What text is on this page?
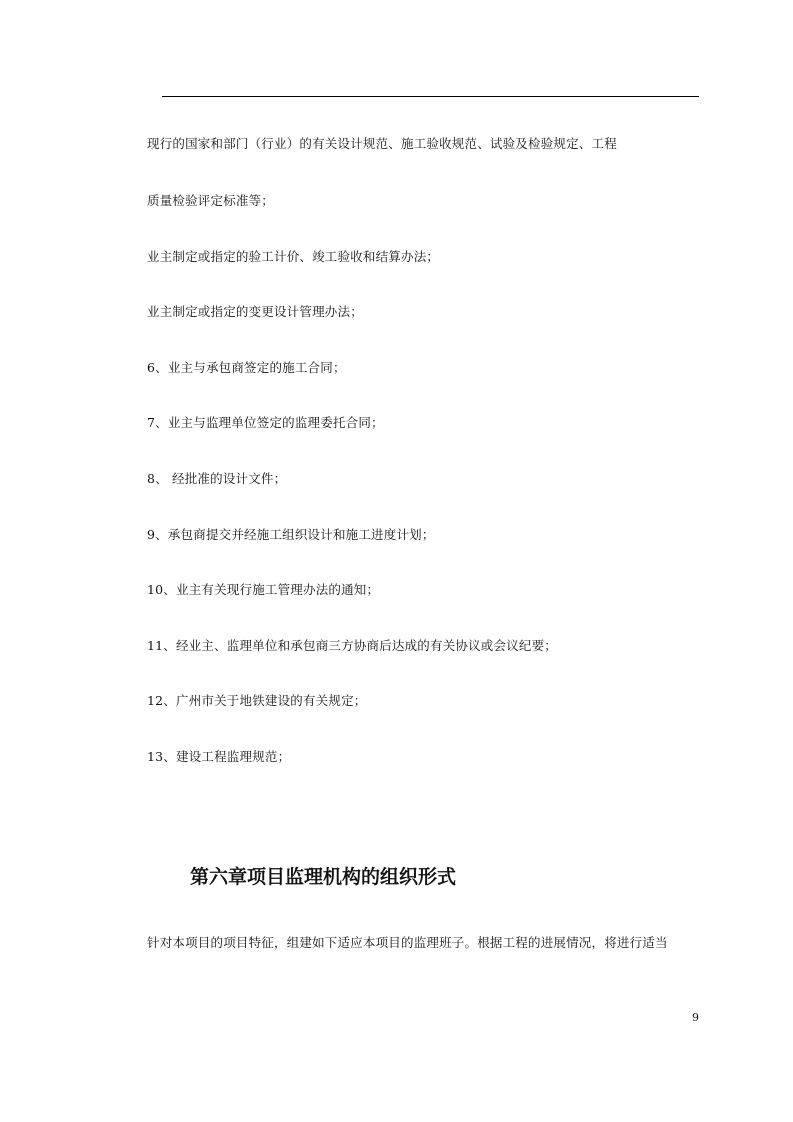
现行的国家和部门（行业）的有关设计规范、施工验收规范、试验及检验规定、工程
质量检验评定标准等；
业主制定或指定的验工计价、竣工验收和结算办法；
业主制定或指定的变更设计管理办法；
6、业主与承包商签定的施工合同；
7、业主与监理单位签定的监理委托合同；
8、 经批准的设计文件；
9、承包商提交并经施工组织设计和施工进度计划；
10、业主有关现行施工管理办法的通知；
11、经业主、监理单位和承包商三方协商后达成的有关协议或会议纪要；
12、广州市关于地铁建设的有关规定；
13、建设工程监理规范；
第六章项目监理机构的组织形式
针对本项目的项目特征，组建如下适应本项目的监理班子。根据工程的进展情况，将进行适当
9
